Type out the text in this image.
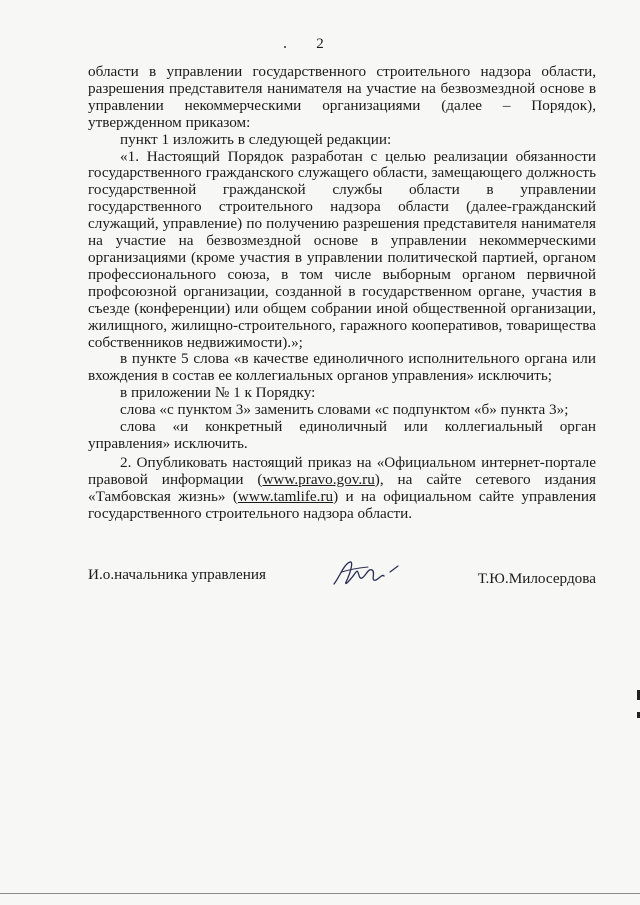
2

области в управлении государственного строительного надзора области, разрешения представителя нанимателя на участие на безвозмездной основе в управлении некоммерческими организациями (далее – Порядок), утвержденном приказом:

пункт 1 изложить в следующей редакции:

«1. Настоящий Порядок разработан с целью реализации обязанности государственного гражданского служащего области, замещающего должность государственной гражданской службы области в управлении государственного строительного надзора области (далее-гражданский служащий, управление) по получению разрешения представителя нанимателя на участие на безвозмездной основе в управлении некоммерческими организациями (кроме участия в управлении политической партией, органом профессионального союза, в том числе выборным органом первичной профсоюзной организации, созданной в государственном органе, участия в съезде (конференции) или общем собрании иной общественной организации, жилищного, жилищно-строительного, гаражного кооперативов, товарищества собственников недвижимости).»;

в пункте 5 слова «в качестве единоличного исполнительного органа или вхождения в состав ее коллегиальных органов управления» исключить;

в приложении № 1 к Порядку:

слова «с пунктом 3» заменить словами «с подпунктом «б» пункта 3»;

слова «и конкретный единоличный или коллегиальный орган управления» исключить.

2. Опубликовать настоящий приказ на «Официальном интернет-портале правовой информации (www.pravo.gov.ru), на сайте сетевого издания «Тамбовская жизнь» (www.tamlife.ru) и на официальном сайте управления государственного строительного надзора области.

И.о.начальника управления	Т.Ю.Милосердова
